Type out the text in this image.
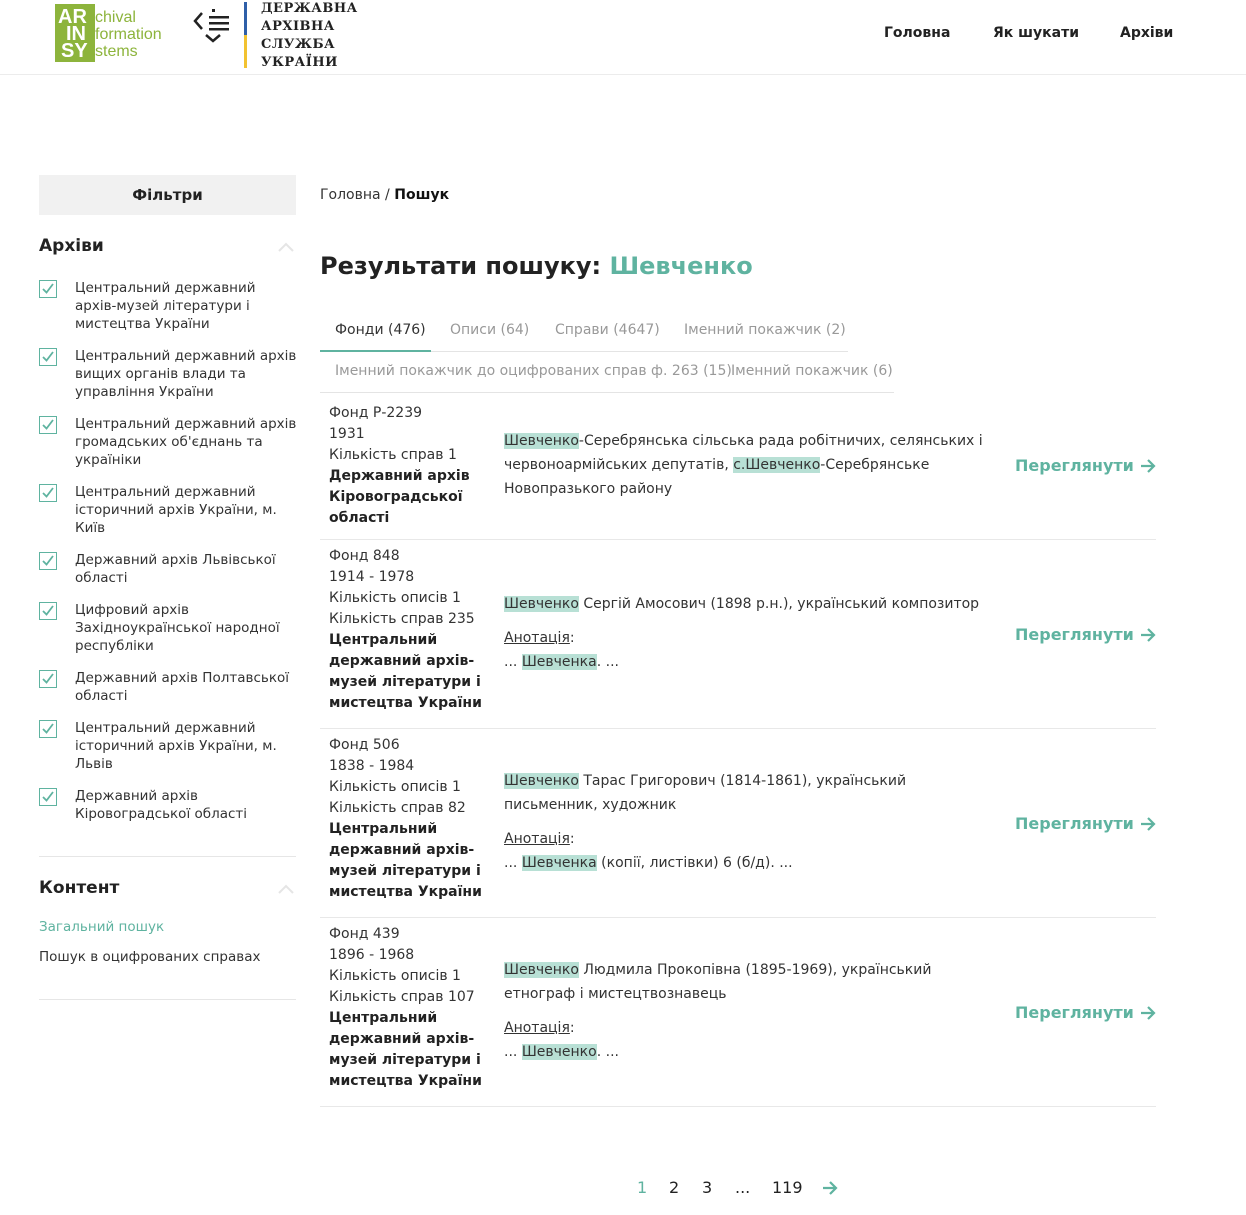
AR chival
IN formation
SY stems
ДЕРЖАВНА
АРХІВНА
СЛУЖБА
УКРАЇНИ
Головна	Як шукати	Архіви
Фільтри
Архіви
Центральний державний архів-музей літератури і мистецтва України
Центральний державний архів вищих органів влади та управління України
Центральний державний архів громадських об'єднань та україніки
Центральний державний історичний архів України, м. Київ
Державний архів Львівської області
Цифровий архів Західноукраїнської народної республіки
Державний архів Полтавської області
Центральний державний історичний архів України, м. Львів
Державний архів Кіровоградської області
Контент
Загальний пошук
Пошук в оцифрованих справах
Головна / Пошук
Результати пошуку: Шевченко
Фонди (476) Описи (64) Справи (4647) Іменний покажчик (2)
Іменний покажчик до оцифрованих справ ф. 263 (15) Іменний покажчик (6)
Фонд Р-2239
1931
Кількість справ 1
Державний архів Кіровоградської області
Шевченко-Серебрянська сільська рада робітничих, селянських і червоноармійських депутатів, с.Шевченко-Серебрянське Новопразького району
Переглянути
Фонд 848
1914 - 1978
Кількість описів 1
Кількість справ 235
Центральний державний архів-музей літератури і мистецтва України
Шевченко Сергій Амосович (1898 р.н.), український композитор
Анотація:
... Шевченка. ...
Переглянути
Фонд 506
1838 - 1984
Кількість описів 1
Кількість справ 82
Центральний державний архів-музей літератури і мистецтва України
Шевченко Тарас Григорович (1814-1861), український письменник, художник
Анотація:
... Шевченка (копії, листівки) 6 (б/д). ...
Переглянути
Фонд 439
1896 - 1968
Кількість описів 1
Кількість справ 107
Центральний державний архів-музей літератури і мистецтва України
Шевченко Людмила Прокопівна (1895-1969), український етнограф і мистецтвознавець
Анотація:
... Шевченко. ...
Переглянути
1 2 3 ... 119
